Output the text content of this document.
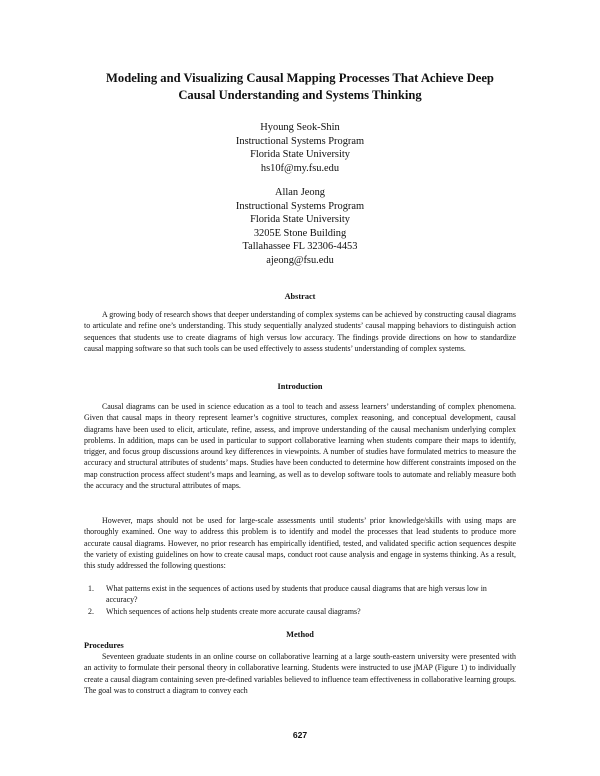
Modeling and Visualizing Causal Mapping Processes That Achieve Deep
Causal Understanding and Systems Thinking
Hyoung Seok-Shin
Instructional Systems Program
Florida State University
hs10f@my.fsu.edu
Allan Jeong
Instructional Systems Program
Florida State University
3205E Stone Building
Tallahassee FL 32306-4453
ajeong@fsu.edu
Abstract

A growing body of research shows that deeper understanding of complex systems can be achieved by constructing causal diagrams to articulate and refine one’s understanding. This study sequentially analyzed students’ causal mapping behaviors to distinguish action sequences that students use to create diagrams of high versus low accuracy. The findings provide directions on how to standardize causal mapping software so that such tools can be used effectively to assess students’ understanding of complex systems.

Introduction

Causal diagrams can be used in science education as a tool to teach and assess learners’ understanding of complex phenomena. Given that causal maps in theory represent learner’s cognitive structures, complex reasoning, and conceptual development, causal diagrams have been used to elicit, articulate, refine, assess, and improve understanding of the causal mechanism underlying complex problems. In addition, maps can be used in particular to support collaborative learning when students compare their maps to identify, trigger, and focus group discussions around key differences in viewpoints. A number of studies have formulated metrics to measure the accuracy and structural attributes of students’ maps. Studies have been conducted to determine how different constraints imposed on the map construction process affect student’s maps and learning, as well as to develop software tools to automate and reliably measure both the accuracy and the structural attributes of maps.

However, maps should not be used for large-scale assessments until students’ prior knowledge/skills with using maps are thoroughly examined. One way to address this problem is to identify and model the processes that lead students to produce more accurate causal diagrams. However, no prior research has empirically identified, tested, and validated specific action sequences despite the variety of existing guidelines on how to create causal maps, conduct root cause analysis and engage in systems thinking. As a result, this study addressed the following questions:

1. What patterns exist in the sequences of actions used by students that produce causal diagrams that are high versus low in accuracy?
2. Which sequences of actions help students create more accurate causal diagrams?
Method
Procedures

Seventeen graduate students in an online course on collaborative learning at a large south-eastern university were presented with an activity to formulate their personal theory in collaborative learning. Students were instructed to use jMAP (Figure 1) to individually create a causal diagram containing seven pre-defined variables believed to influence team effectiveness in collaborative learning groups. The goal was to construct a diagram to convey each

627
